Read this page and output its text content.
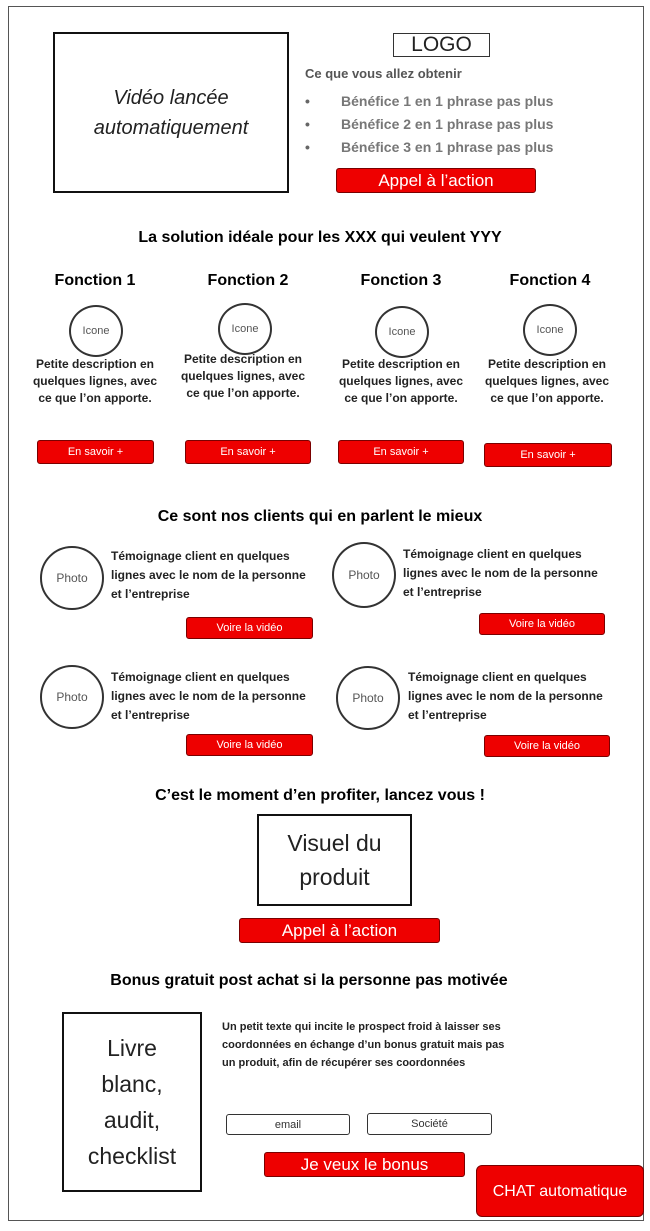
Vidéo lancée automatiquement
LOGO
Ce que vous allez obtenir
•	Bénéfice 1 en 1 phrase pas plus
•	Bénéfice 2 en 1 phrase pas plus
•	Bénéfice 3 en 1 phrase pas plus
Appel à l’action
La solution idéale pour les XXX qui veulent YYY
Fonction 1
Icone
Petite description en quelques lignes, avec ce que l’on apporte.
En savoir +
Fonction 2
Icone
Petite description en quelques lignes, avec ce que l’on apporte.
En savoir +
Fonction 3
Icone
Petite description en quelques lignes, avec ce que l’on apporte.
En savoir +
Fonction 4
Icone
Petite description en quelques lignes, avec ce que l’on apporte.
En savoir +
Ce sont nos clients qui en parlent le mieux
Photo
Témoignage client en quelques lignes avec le nom de la personne et l’entreprise
Voire la vidéo
Photo
Témoignage client en quelques lignes avec le nom de la personne et l’entreprise
Voire la vidéo
Photo
Témoignage client en quelques lignes avec le nom de la personne et l’entreprise
Voire la vidéo
Photo
Témoignage client en quelques lignes avec le nom de la personne et l’entreprise
Voire la vidéo
C’est le moment d’en profiter, lancez vous !
Visuel du produit
Appel à l’action
Bonus gratuit post achat si la personne pas motivée
Livre blanc, audit, checklist
Un petit texte qui incite le prospect froid à laisser ses coordonnées en échange d’un bonus gratuit mais pas un produit, afin de récupérer ses coordonnées
email	Société
Je veux le bonus
CHAT automatique
